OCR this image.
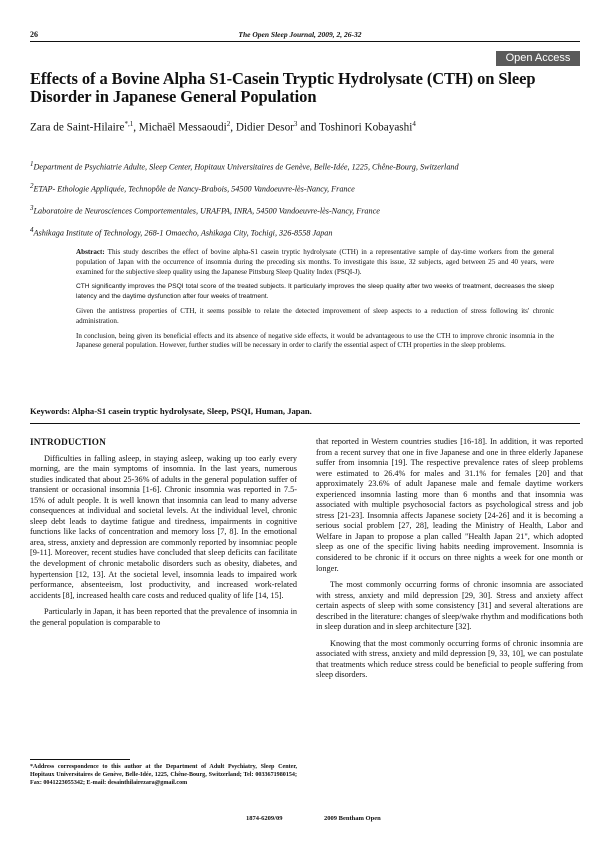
26	The Open Sleep Journal, 2009, 2, 26-32
Open Access
Effects of a Bovine Alpha S1-Casein Tryptic Hydrolysate (CTH) on Sleep Disorder in Japanese General Population
Zara de Saint-Hilaire$^{*,1}$, Michaël Messaoudi$^2$, Didier Desor$^3$ and Toshinori Kobayashi$^4$
$^1$Department de Psychiatrie Adulte, Sleep Center, Hopitaux Universitaires de Genève, Belle-Idée, 1225, Chêne-Bourg, Switzerland
$^2$ETAP- Ethologie Appliquée, Technopôle de Nancy-Brabois, 54500 Vandoeuvre-lès-Nancy, France
$^3$Laboratoire de Neurosciences Comportementales, URAFPA, INRA, 54500 Vandoeuvre-lès-Nancy, France
$^4$Ashikaga Institute of Technology, 268-1 Omaecho, Ashikaga City, Tochigi, 326-8558 Japan

Abstract: This study describes the effect of bovine alpha-S1 casein tryptic hydrolysate (CTH) in a representative sample of day-time workers from the general population of Japan with the occurrence of insomnia during the preceding six months. To investigate this issue, 32 subjects, aged between 25 and 40 years, were examined for the subjective sleep quality using the Japanese Pittsburg Sleep Quality Index (PSQI-J).

CTH significantly improves the PSQI total score of the treated subjects. It particularly improves the sleep quality after two weeks of treatment, decreases the sleep latency and the daytime dysfunction after four weeks of treatment.

Given the antistress properties of CTH, it seems possible to relate the detected improvement of sleep aspects to a reduction of stress following its' chronic administration.

In conclusion, being given its beneficial effects and its absence of negative side effects, it would be advantageous to use the CTH to improve chronic insomnia in the Japanese general population. However, further studies will be necessary in order to clarify the essential aspect of CTH properties in the sleep problems.

Keywords: Alpha-S1 casein tryptic hydrolysate, Sleep, PSQI, Human, Japan.
INTRODUCTION

Difficulties in falling asleep, in staying asleep, waking up too early every morning, are the main symptoms of insomnia. In the last years, numerous studies indicated that about 25-36% of adults in the general population suffer of transient or occasional insomnia [1-6]. Chronic insomnia was reported in 7.5-15% of adult people. It is well known that insomnia can lead to many adverse consequences at individual and societal levels. At the individual level, chronic sleep debt leads to daytime fatigue and tiredness, impairments in cognitive functions like lacks of concentration and memory loss [7, 8]. In the emotional area, stress, anxiety and depression are commonly reported by insomniac people [9-11]. Moreover, recent studies have concluded that sleep deficits can facilitate the development of chronic metabolic disorders such as obesity, diabetes, and hypertension [12, 13]. At the societal level, insomnia leads to impaired work performance, absenteeism, lost productivity, and increased work-related accidents [8], increased health care costs and reduced quality of life [14, 15].

Particularly in Japan, it has been reported that the prevalence of insomnia in the general population is comparable to

that reported in Western countries studies [16-18]. In addition, it was reported from a recent survey that one in five Japanese and one in three elderly Japanese suffer from insomnia [19]. The respective prevalence rates of sleep problems were estimated to 26.4% for males and 31.1% for females [20] and that approximately 23.6% of adult Japanese male and female daytime workers experienced insomnia lasting more than 6 months and that insomnia was associated with multiple psychosocial factors as psychological stress and job stress [21-23]. Insomnia affects Japanese society [24-26] and it is becoming a serious social problem [27, 28], leading the Ministry of Health, Labor and Welfare in Japan to propose a plan called "Health Japan 21", which adopted sleep as one of the specific living habits needing improvement. Insomnia is considered to be chronic if it occurs on three nights a week for one month or longer.

The most commonly occurring forms of chronic insomnia are associated with stress, anxiety and mild depression [29, 30]. Stress and anxiety affect certain aspects of sleep with some consistency [31] and several alterations are described in the literature: changes of sleep/wake rhythm and modifications both in sleep duration and in sleep architecture [32].

Knowing that the most commonly occurring forms of chronic insomnia are associated with stress, anxiety and mild depression [9, 33, 10], we can postulate that treatments which reduce stress could be beneficial to people suffering from sleep disorders.

*Address correspondence to this author at the Department of Adult Psychiatry, Sleep Center, Hopitaux Universitaires de Genève, Belle-Idée, 1225, Chêne-Bourg, Switzerland; Tel: 0033671980154; Fax: 0041223055342; E-mail: desainthilairezara@gmail.com
1874-6209/09	2009 Bentham Open
